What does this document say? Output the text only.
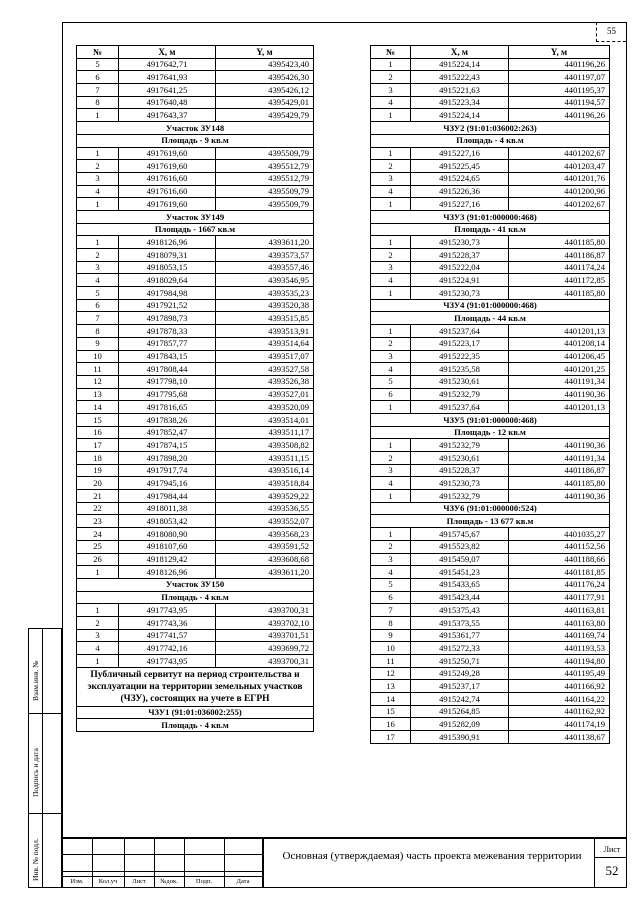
55
№	X, м	Y, м
5	4917642,71	4395423,40
6	4917641,93	4395426,30
7	4917641,25	4395426,12
8	4917640,48	4395429,01
1	4917643,37	4395429,79
Участок ЗУ148		
Площадь - 9 кв.м		
1	4917619,60	4395509,79
2	4917619,60	4395512,79
3	4917616,60	4395512,79
4	4917616,60	4395509,79
1	4917619,60	4395509,79
Участок ЗУ149		
Площадь - 1667 кв.м		
1	4918126,96	4393611,20
2	4918079,31	4393573,57
3	4918053,15	4393557,46
4	4918029,64	4393546,95
5	4917984,98	4393535,23
6	4917921,52	4393520,38
7	4917898,73	4393515,85
8	4917878,33	4393513,91
9	4917857,77	4393514,64
10	4917843,15	4393517,07
11	4917808,44	4393527,58
12	4917798,10	4393526,38
13	4917795,68	4393527,01
14	4917816,65	4393520,09
15	4917838,26	4393514,01
16	4917852,47	4393511,17
17	4917874,15	4393508,82
18	4917898,20	4393511,15
19	4917917,74	4393516,14
20	4917945,16	4393518,84
21	4917984,44	4393529,22
22	4918011,38	4393536,55
23	4918053,42	4393552,07
24	4918080,90	4393568,23
25	4918107,60	4393591,52
26	4918129,42	4393608,68
1	4918126,96	4393611,20
Участок ЗУ150		
Площадь - 4 кв.м		
1	4917743,95	4393700,31
2	4917743,36	4393702,10
3	4917741,57	4393701,51
4	4917742,16	4393699,72
1	4917743,95	4393700,31
Публичный сервитут на период строительства и эксплуатации на территории земельных участков (ЧЗУ), состоящих на учете в ЕГРН		
ЧЗУ1 (91:01:036002:255)		
Площадь - 4 кв.м		
№	X, м	Y, м
1	4915224,14	4401196,26
2	4915222,43	4401197,07
3	4915221,63	4401195,37
4	4915223,34	4401194,57
1	4915224,14	4401196,26
ЧЗУ2 (91:01:036002:263)		
Площадь - 4 кв.м		
1	4915227,16	4401202,67
2	4915225,45	4401203,47
3	4915224,65	4401201,76
4	4915226,36	4401200,96
1	4915227,16	4401202,67
ЧЗУ3 (91:01:000000:468)		
Площадь - 41 кв.м		
1	4915230,73	4401185,80
2	4915228,37	4401186,87
3	4915222,04	4401174,24
4	4915224,91	4401172,85
1	4915230,73	4401185,80
ЧЗУ4 (91:01:000000:468)		
Площадь - 44 кв.м		
1	4915237,64	4401201,13
2	4915223,17	4401208,14
3	4915222,35	4401206,45
4	4915235,58	4401201,25
5	4915230,61	4401191,34
6	4915232,79	4401190,36
1	4915237,64	4401201,13
ЧЗУ5 (91:01:000000:468)		
Площадь - 12 кв.м		
1	4915232,79	4401190,36
2	4915230,61	4401191,34
3	4915228,37	4401186,87
4	4915230,73	4401185,80
1	4915232,79	4401190,36
ЧЗУ6 (91:01:000000:524)		
Площадь - 13 677 кв.м		
1	4915745,67	4401035,27
2	4915523,82	4401152,56
3	4915459,07	4401188,66
4	4915451,23	4401181,85
5	4915433,65	4401176,24
6	4915423,44	4401177,91
7	4915375,43	4401163,81
8	4915373,55	4401163,80
9	4915361,77	4401169,74
10	4915272,33	4401193,53
11	4915250,71	4401194,80
12	4915249,28	4401195,49
13	4915237,17	4401166,92
14	4915242,74	4401164,22
15	4915264,85	4401162,92
16	4915282,09	4401174,19
17	4915390,91	4401138,67
Взам.инв. №
Подпись и дата
Инв. № подл.
Изм.	Кол.уч	Лист	№док.	Подп.	Дата
Основная (утверждаемая) часть проекта межевания территории
Лист
52
